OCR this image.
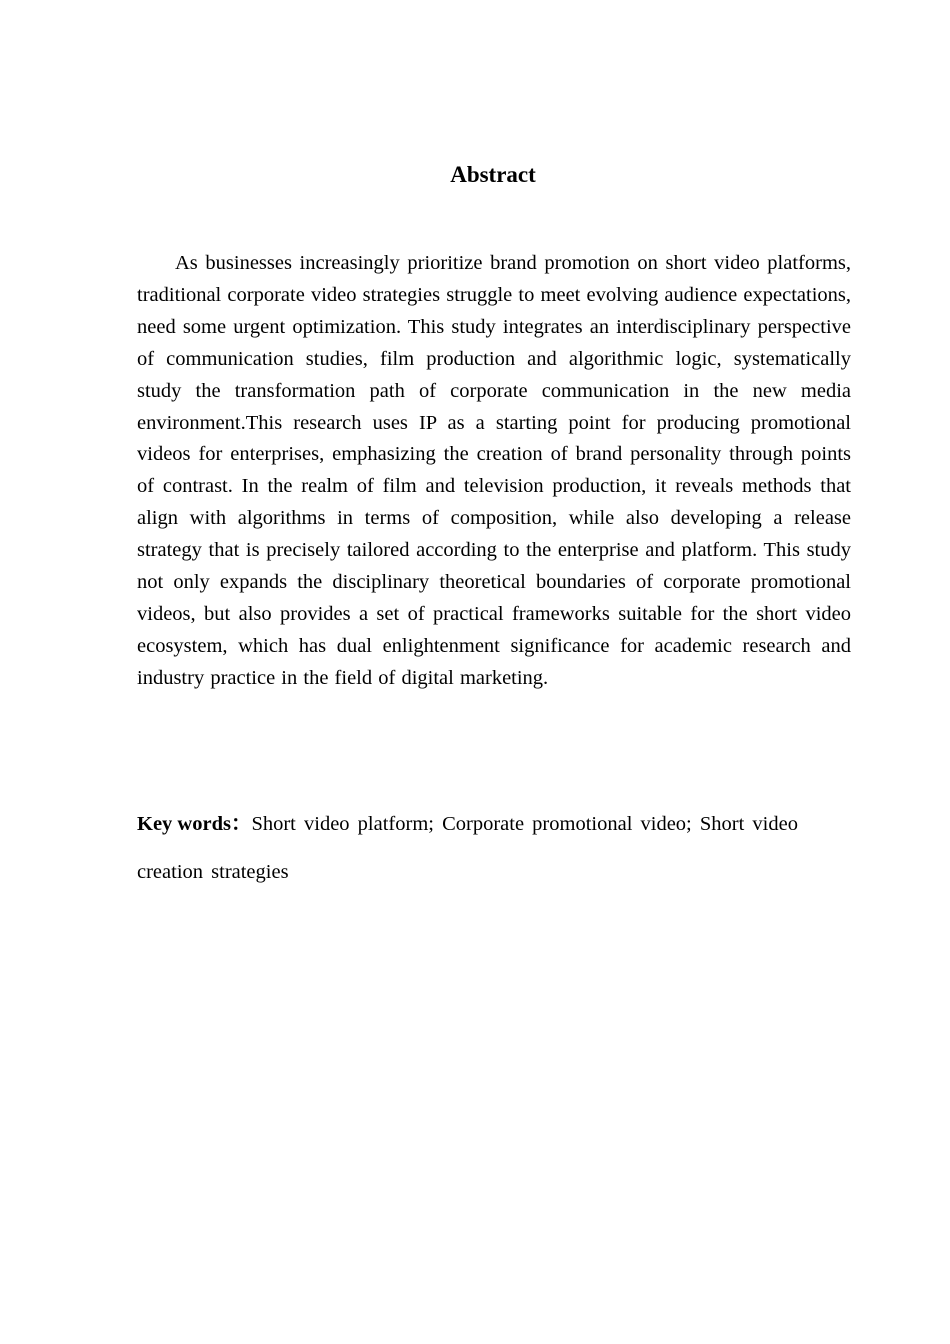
Abstract

As businesses increasingly prioritize brand promotion on short video platforms, traditional corporate video strategies struggle to meet evolving audience expectations, need some urgent optimization. This study integrates an interdisciplinary perspective of communication studies, film production and algorithmic logic, systematically study the transformation path of corporate communication in the new media environment.This research uses IP as a starting point for producing promotional videos for enterprises, emphasizing the creation of brand personality through points of contrast. In the realm of film and television production, it reveals methods that align with algorithms in terms of composition, while also developing a release strategy that is precisely tailored according to the enterprise and platform. This study not only expands the disciplinary theoretical boundaries of corporate promotional videos, but also provides a set of practical frameworks suitable for the short video ecosystem, which has dual enlightenment significance for academic research and industry practice in the field of digital marketing.

Key words：Short video platform; Corporate promotional video; Short video creation strategies
